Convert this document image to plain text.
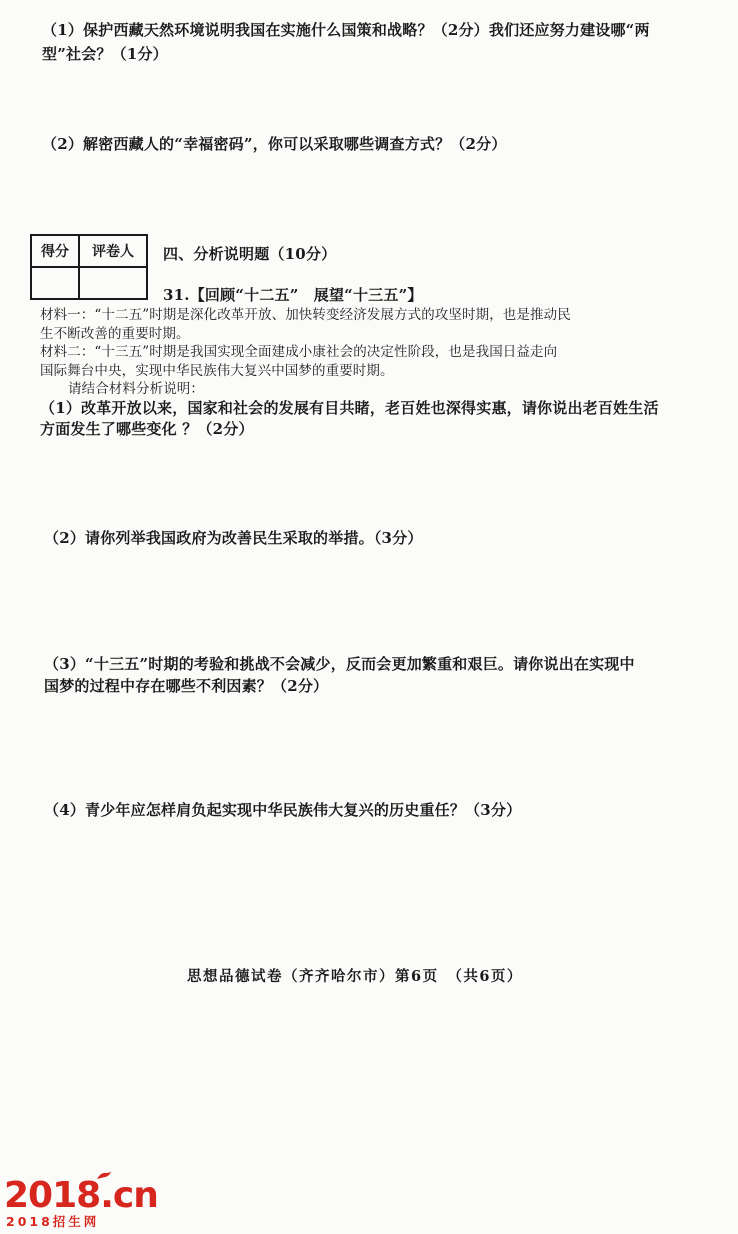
（1）保护西藏天然环境说明我国在实施什么国策和战略？（2分）我们还应努力建设哪“两
型”社会？（1分）
（2）解密西藏人的“幸福密码”，你可以采取哪些调查方式？（2分）
得分	评卷人
	四、分析说明题（10分）
31.【回顾“十二五”　展望“十三五”】
材料一：“十二五”时期是深化改革开放、加快转变经济发展方式的攻坚时期，也是推动民
生不断改善的重要时期。
材料二：“十三五”时期是我国实现全面建成小康社会的决定性阶段，也是我国日益走向
国际舞台中央，实现中华民族伟大复兴中国梦的重要时期。
请结合材料分析说明：
（1）改革开放以来，国家和社会的发展有目共睹，老百姓也深得实惠，请你说出老百姓生活
方面发生了哪些变化 ？（2分）
（2）请你列举我国政府为改善民生采取的举措。（3分）
（3）“十三五”时期的考验和挑战不会减少，反而会更加繁重和艰巨。请你说出在实现中
国梦的过程中存在哪些不利因素？（2分）
（4）青少年应怎样肩负起实现中华民族伟大复兴的历史重任？（3分）
思想品德试卷（齐齐哈尔市）第6页　（共6页）
2018.cn
2018招生网
